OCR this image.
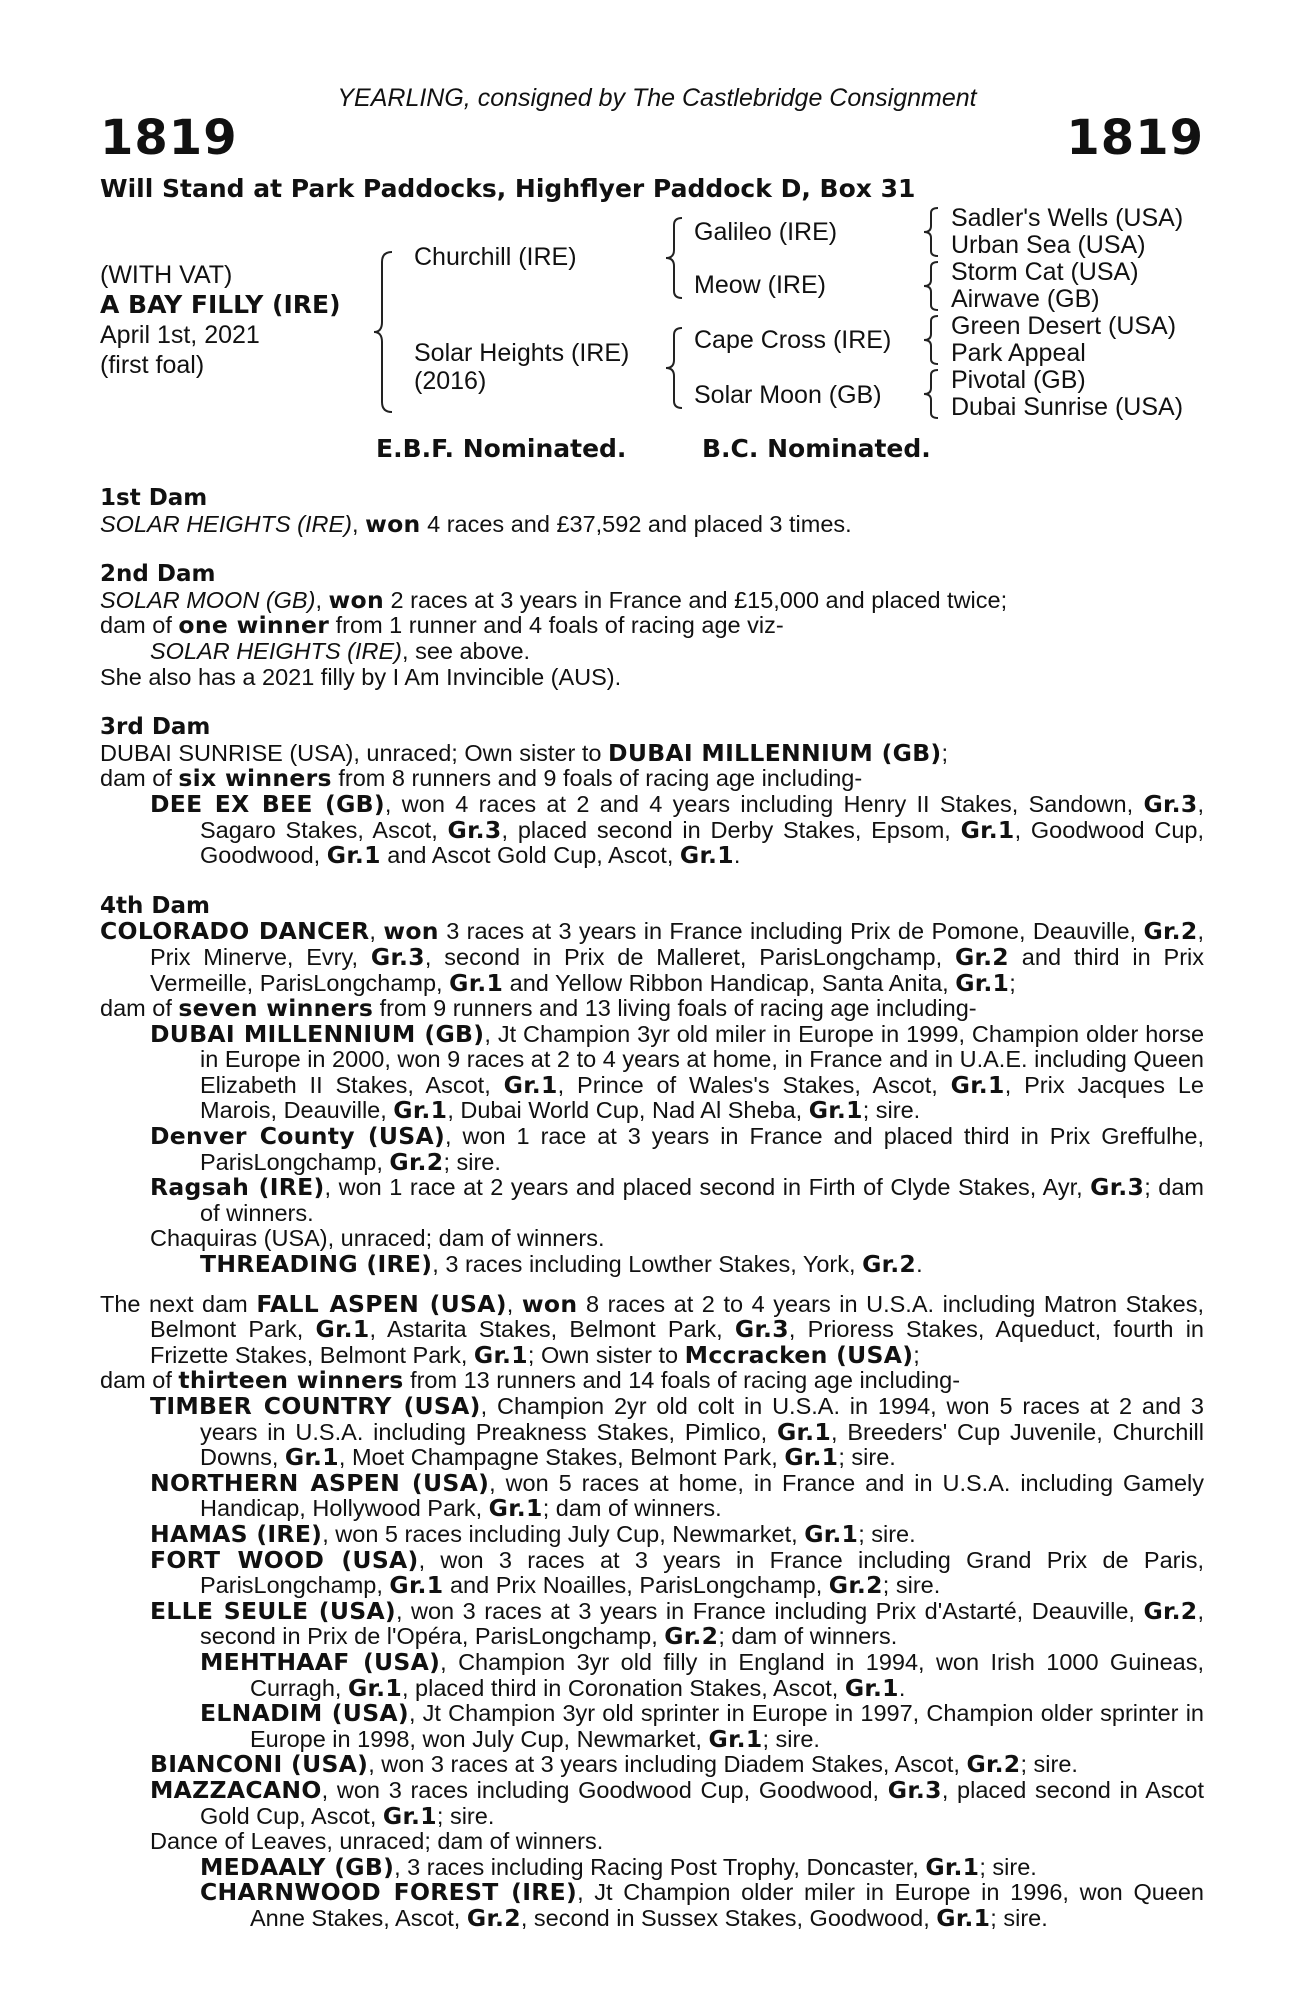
YEARLING, consigned by The Castlebridge Consignment
1819	1819
Will Stand at Park Paddocks, Highflyer Paddock D, Box 31
(WITH VAT)
A BAY FILLY (IRE)
April 1st, 2021
(first foal)
Churchill (IRE)
Solar Heights (IRE)
(2016)
Galileo (IRE)
Meow (IRE)
Cape Cross (IRE)
Solar Moon (GB)
Sadler's Wells (USA)
Urban Sea (USA)
Storm Cat (USA)
Airwave (GB)
Green Desert (USA)
Park Appeal
Pivotal (GB)
Dubai Sunrise (USA)
E.B.F. Nominated.	B.C. Nominated.

1st Dam

SOLAR HEIGHTS (IRE), won 4 races and £37,592 and placed 3 times.

2nd Dam

SOLAR MOON (GB), won 2 races at 3 years in France and £15,000 and placed twice;

dam of one winner from 1 runner and 4 foals of racing age viz-

SOLAR HEIGHTS (IRE), see above.

She also has a 2021 filly by I Am Invincible (AUS).

3rd Dam

DUBAI SUNRISE (USA), unraced; Own sister to DUBAI MILLENNIUM (GB);

dam of six winners from 8 runners and 9 foals of racing age including-

DEE EX BEE (GB), won 4 races at 2 and 4 years including Henry II Stakes, Sandown, Gr.3, Sagaro Stakes, Ascot, Gr.3, placed second in Derby Stakes, Epsom, Gr.1, Goodwood Cup, Goodwood, Gr.1 and Ascot Gold Cup, Ascot, Gr.1.

4th Dam

COLORADO DANCER, won 3 races at 3 years in France including Prix de Pomone, Deauville, Gr.2, Prix Minerve, Evry, Gr.3, second in Prix de Malleret, ParisLongchamp, Gr.2 and third in Prix Vermeille, ParisLongchamp, Gr.1 and Yellow Ribbon Handicap, Santa Anita, Gr.1;

dam of seven winners from 9 runners and 13 living foals of racing age including-

DUBAI MILLENNIUM (GB), Jt Champion 3yr old miler in Europe in 1999, Champion older horse in Europe in 2000, won 9 races at 2 to 4 years at home, in France and in U.A.E. including Queen Elizabeth II Stakes, Ascot, Gr.1, Prince of Wales's Stakes, Ascot, Gr.1, Prix Jacques Le Marois, Deauville, Gr.1, Dubai World Cup, Nad Al Sheba, Gr.1; sire.

Denver County (USA), won 1 race at 3 years in France and placed third in Prix Greffulhe, ParisLongchamp, Gr.2; sire.

Ragsah (IRE), won 1 race at 2 years and placed second in Firth of Clyde Stakes, Ayr, Gr.3; dam of winners.

Chaquiras (USA), unraced; dam of winners.

THREADING (IRE), 3 races including Lowther Stakes, York, Gr.2.

The next dam FALL ASPEN (USA), won 8 races at 2 to 4 years in U.S.A. including Matron Stakes, Belmont Park, Gr.1, Astarita Stakes, Belmont Park, Gr.3, Prioress Stakes, Aqueduct, fourth in Frizette Stakes, Belmont Park, Gr.1; Own sister to Mccracken (USA);

dam of thirteen winners from 13 runners and 14 foals of racing age including-

TIMBER COUNTRY (USA), Champion 2yr old colt in U.S.A. in 1994, won 5 races at 2 and 3 years in U.S.A. including Preakness Stakes, Pimlico, Gr.1, Breeders' Cup Juvenile, Churchill Downs, Gr.1, Moet Champagne Stakes, Belmont Park, Gr.1; sire.

NORTHERN ASPEN (USA), won 5 races at home, in France and in U.S.A. including Gamely Handicap, Hollywood Park, Gr.1; dam of winners.

HAMAS (IRE), won 5 races including July Cup, Newmarket, Gr.1; sire.

FORT WOOD (USA), won 3 races at 3 years in France including Grand Prix de Paris, ParisLongchamp, Gr.1 and Prix Noailles, ParisLongchamp, Gr.2; sire.

ELLE SEULE (USA), won 3 races at 3 years in France including Prix d'Astarté, Deauville, Gr.2, second in Prix de l'Opéra, ParisLongchamp, Gr.2; dam of winners.

MEHTHAAF (USA), Champion 3yr old filly in England in 1994, won Irish 1000 Guineas, Curragh, Gr.1, placed third in Coronation Stakes, Ascot, Gr.1.

ELNADIM (USA), Jt Champion 3yr old sprinter in Europe in 1997, Champion older sprinter in Europe in 1998, won July Cup, Newmarket, Gr.1; sire.

BIANCONI (USA), won 3 races at 3 years including Diadem Stakes, Ascot, Gr.2; sire.

MAZZACANO, won 3 races including Goodwood Cup, Goodwood, Gr.3, placed second in Ascot Gold Cup, Ascot, Gr.1; sire.

Dance of Leaves, unraced; dam of winners.

MEDAALY (GB), 3 races including Racing Post Trophy, Doncaster, Gr.1; sire.

CHARNWOOD FOREST (IRE), Jt Champion older miler in Europe in 1996, won Queen Anne Stakes, Ascot, Gr.2, second in Sussex Stakes, Goodwood, Gr.1; sire.
